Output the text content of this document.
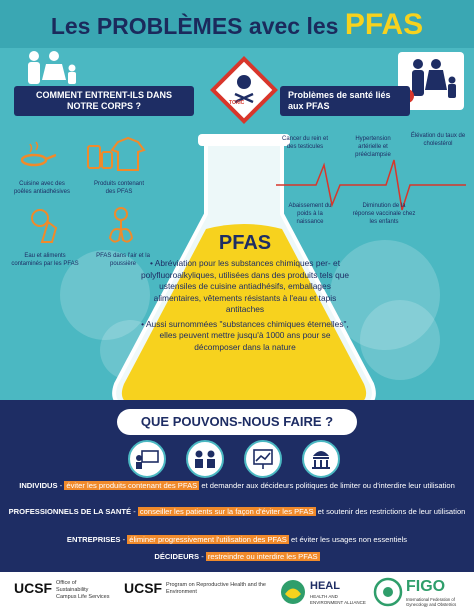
Les PROBLÈMES avec les PFAS
COMMENT ENTRENT-ILS DANS NOTRE CORPS ?
Problèmes de santé liés aux PFAS
TOXIC
Cuisine avec des poêles antiadhésives
Produits contenant des PFAS
Eau et aliments contaminés par les PFAS
PFAS dans l'air et la poussière
Cancer du rein et des testicules
Hypertension artérielle et prééclampsie
Élévation du taux de cholestérol
Abaissement du poids à la naissance
Diminution de la réponse vaccinale chez les enfants
PFAS
• Abréviation pour les substances chimiques per- et polyfluoroalkyliques, utilisées dans des produits tels que ustensiles de cuisine antiadhésifs, emballages alimentaires, vêtements résistants à l'eau et tapis antitaches
• Aussi surnommées "substances chimiques éternelles", elles peuvent mettre jusqu'à 1000 ans pour se décomposer dans la nature
QUE POUVONS-NOUS FAIRE ?
INDIVIDUS - éviter les produits contenant des PFAS et demander aux décideurs politiques de limiter ou d'interdire leur utilisation
PROFESSIONNELS DE LA SANTÉ - conseiller les patients sur la façon d'éviter les PFAS et soutenir des restrictions de leur utilisation
ENTREPRISES - éliminer progressivement l'utilisation des PFAS et éviter les usages non essentiels
DÉCIDEURS - restreindre ou interdire les PFAS
UCSF Office of Sustainability
Campus Life Services
UCSF Program on Reproductive Health and the Environment	HEAL
HEALTH AND ENVIRONMENT ALLIANCE
FIGO
International Federation of Gynecology and Obstetrics
